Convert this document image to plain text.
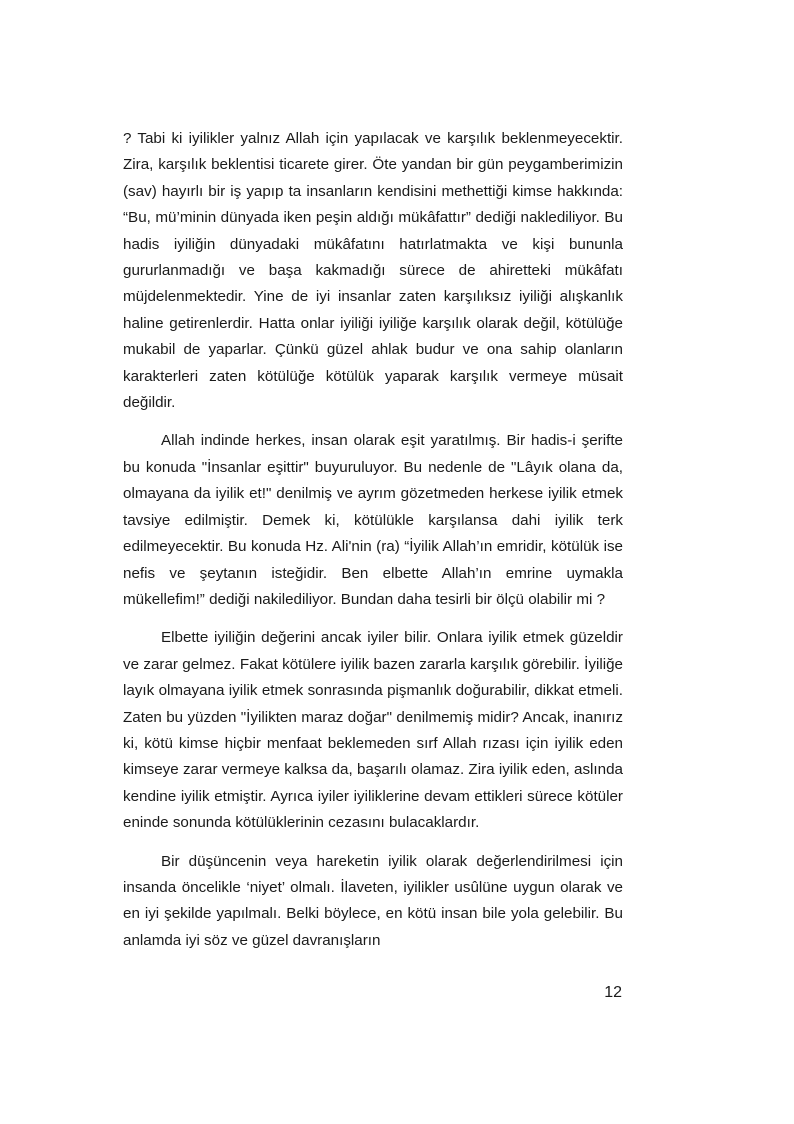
? Tabi ki iyilikler yalnız Allah için yapılacak ve karşılık beklenmeyecektir. Zira, karşılık beklentisi ticarete girer. Öte yandan bir gün peygamberimizin (sav) hayırlı bir iş yapıp ta insanların kendisini methettiği kimse hakkında: “Bu, mü’minin dünyada iken peşin aldığı mükâfattır” dediği naklediliyor. Bu hadis iyiliğin dünyadaki mükâfatını hatırlatmakta ve kişi bununla gururlanmadığı ve başa kakmadığı sürece de ahiretteki mükâfatı müjdelenmektedir. Yine de iyi insanlar zaten karşılıksız iyiliği alışkanlık haline getirenlerdir. Hatta onlar iyiliği iyiliğe karşılık olarak değil, kötülüğe mukabil de yaparlar. Çünkü güzel ahlak budur ve ona sahip olanların karakterleri zaten kötülüğe kötülük yaparak karşılık vermeye müsait değildir.

Allah indinde herkes, insan olarak eşit yaratılmış. Bir hadis-i şerifte bu konuda "İnsanlar eşittir" buyuruluyor. Bu nedenle de "Lâyık olana da, olmayana da iyilik et!" denilmiş ve ayrım gözetmeden herkese iyilik etmek tavsiye edilmiştir. Demek ki, kötülükle karşılansa dahi iyilik terk edilmeyecektir. Bu konuda Hz. Ali'nin (ra) “İyilik Allah’ın emridir, kötülük ise nefis ve şeytanın isteğidir. Ben elbette Allah’ın emrine uymakla mükellefim!” dediği nakilediliyor. Bundan daha tesirli bir ölçü olabilir mi ?

Elbette iyiliğin değerini ancak iyiler bilir. Onlara iyilik etmek güzeldir ve zarar gelmez. Fakat kötülere iyilik bazen zararla karşılık görebilir. İyiliğe layık olmayana iyilik etmek sonrasında pişmanlık doğurabilir, dikkat etmeli. Zaten bu yüzden "İyilikten maraz doğar" denilmemiş midir? Ancak, inanırız ki, kötü kimse hiçbir menfaat beklemeden sırf Allah rızası için iyilik eden kimseye zarar vermeye kalksa da, başarılı olamaz. Zira iyilik eden, aslında kendine iyilik etmiştir. Ayrıca iyiler iyiliklerine devam ettikleri sürece kötüler eninde sonunda kötülüklerinin cezasını bulacaklardır.

Bir düşüncenin veya hareketin iyilik olarak değerlendirilmesi için insanda öncelikle ‘niyet’ olmalı. İlaveten, iyilikler usûlüne uygun olarak ve en iyi şekilde yapılmalı. Belki böylece, en kötü insan bile yola gelebilir. Bu anlamda iyi söz ve güzel davranışların

12
